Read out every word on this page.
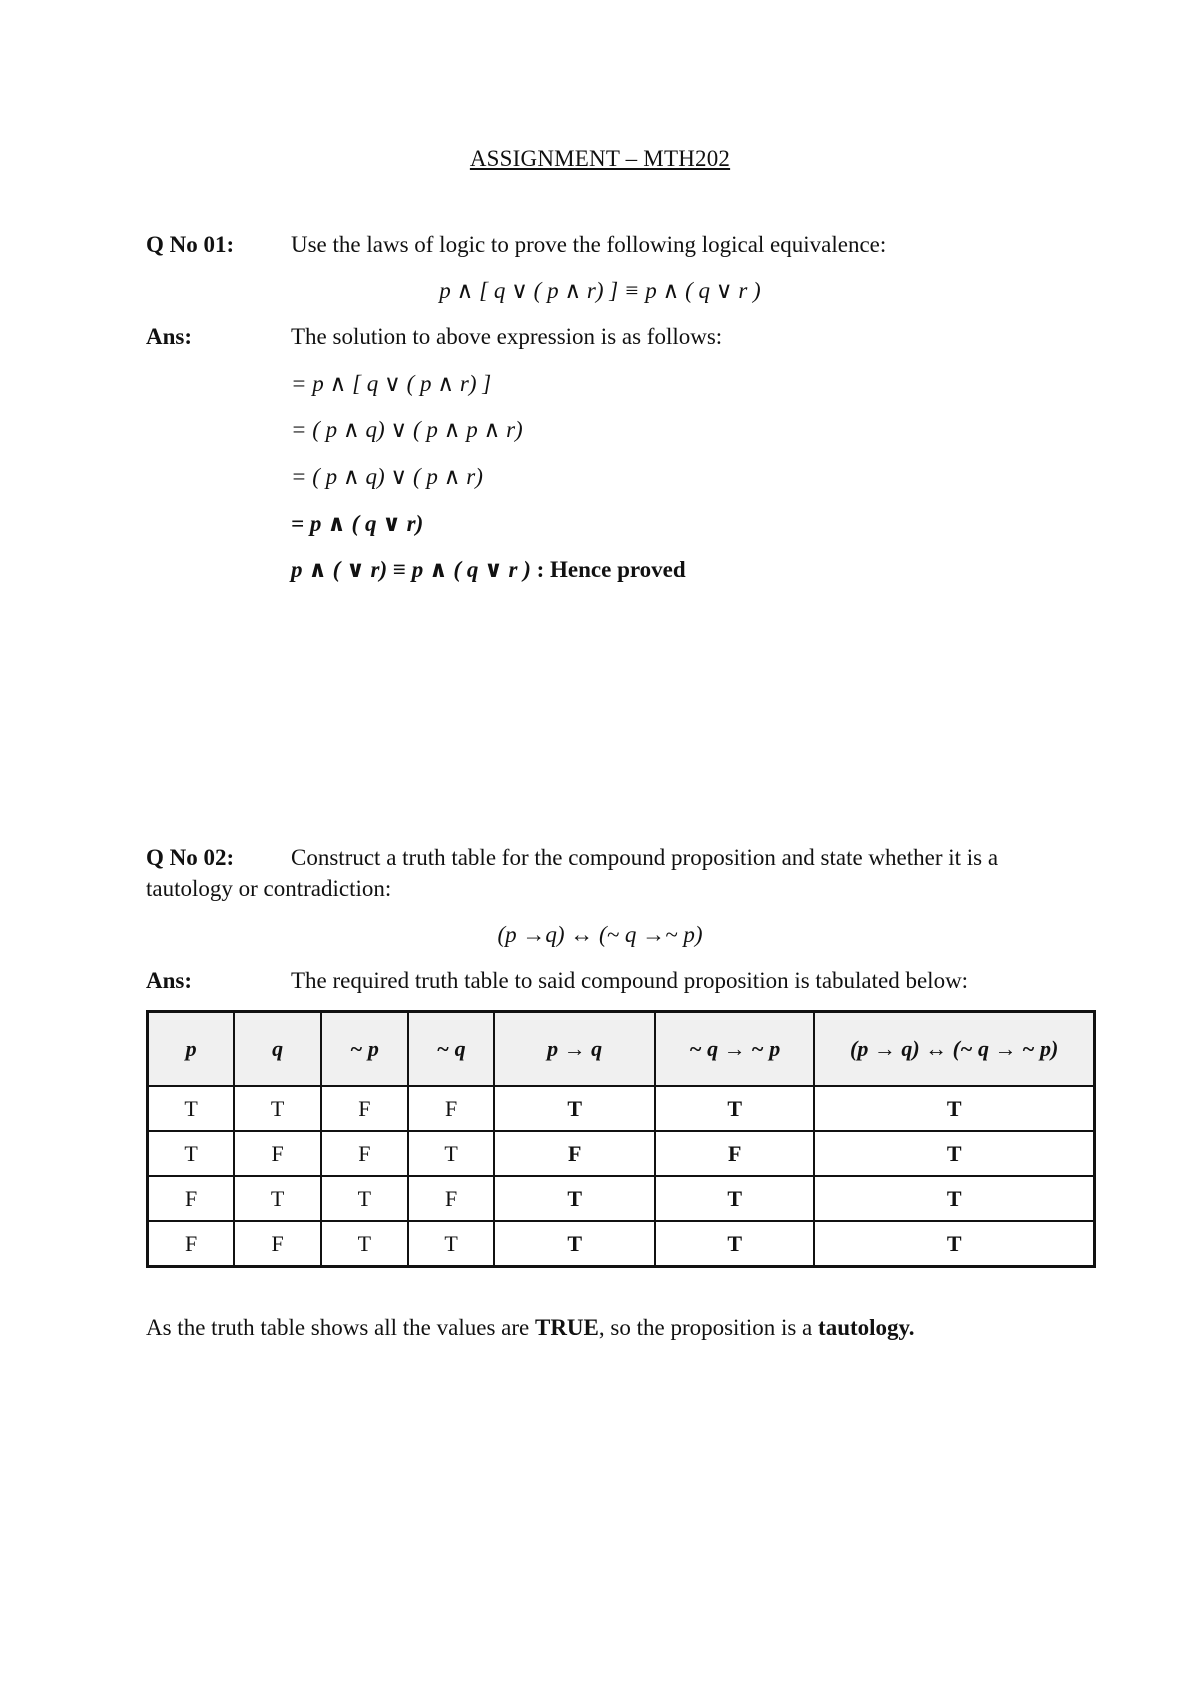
ASSIGNMENT – MTH202
Q No 01: Use the laws of logic to prove the following logical equivalence:
p ∧ [ q ∨ ( p ∧ r) ] ≡ p ∧ ( q ∨ r )
Ans:	The solution to above expression is as follows:
= p ∧ [ q ∨ ( p ∧ r) ]
= ( p ∧ q) ∨ ( p ∧ p ∧ r)
= ( p ∧ q) ∨ ( p ∧ r)
= p ∧ ( q ∨ r)
p ∧ ( ∨ r) ≡ p ∧ ( q ∨ r ) : Hence proved
Q No 02: Construct a truth table for the compound proposition and state whether it is a
tautology or contradiction:
(p →q) ↔ (~ q →~ p)
Ans:	The required truth table to said compound proposition is tabulated below:
p	q	~ p	~ q	p → q	~ q → ~ p	(p → q) ↔ (~ q → ~ p)
T	T	F	F	T	T	T
T	F	F	T	F	F	T
F	T	T	F	T	T	T
F	F	T	T	T	T	T
As the truth table shows all the values are TRUE, so the proposition is a tautology.
